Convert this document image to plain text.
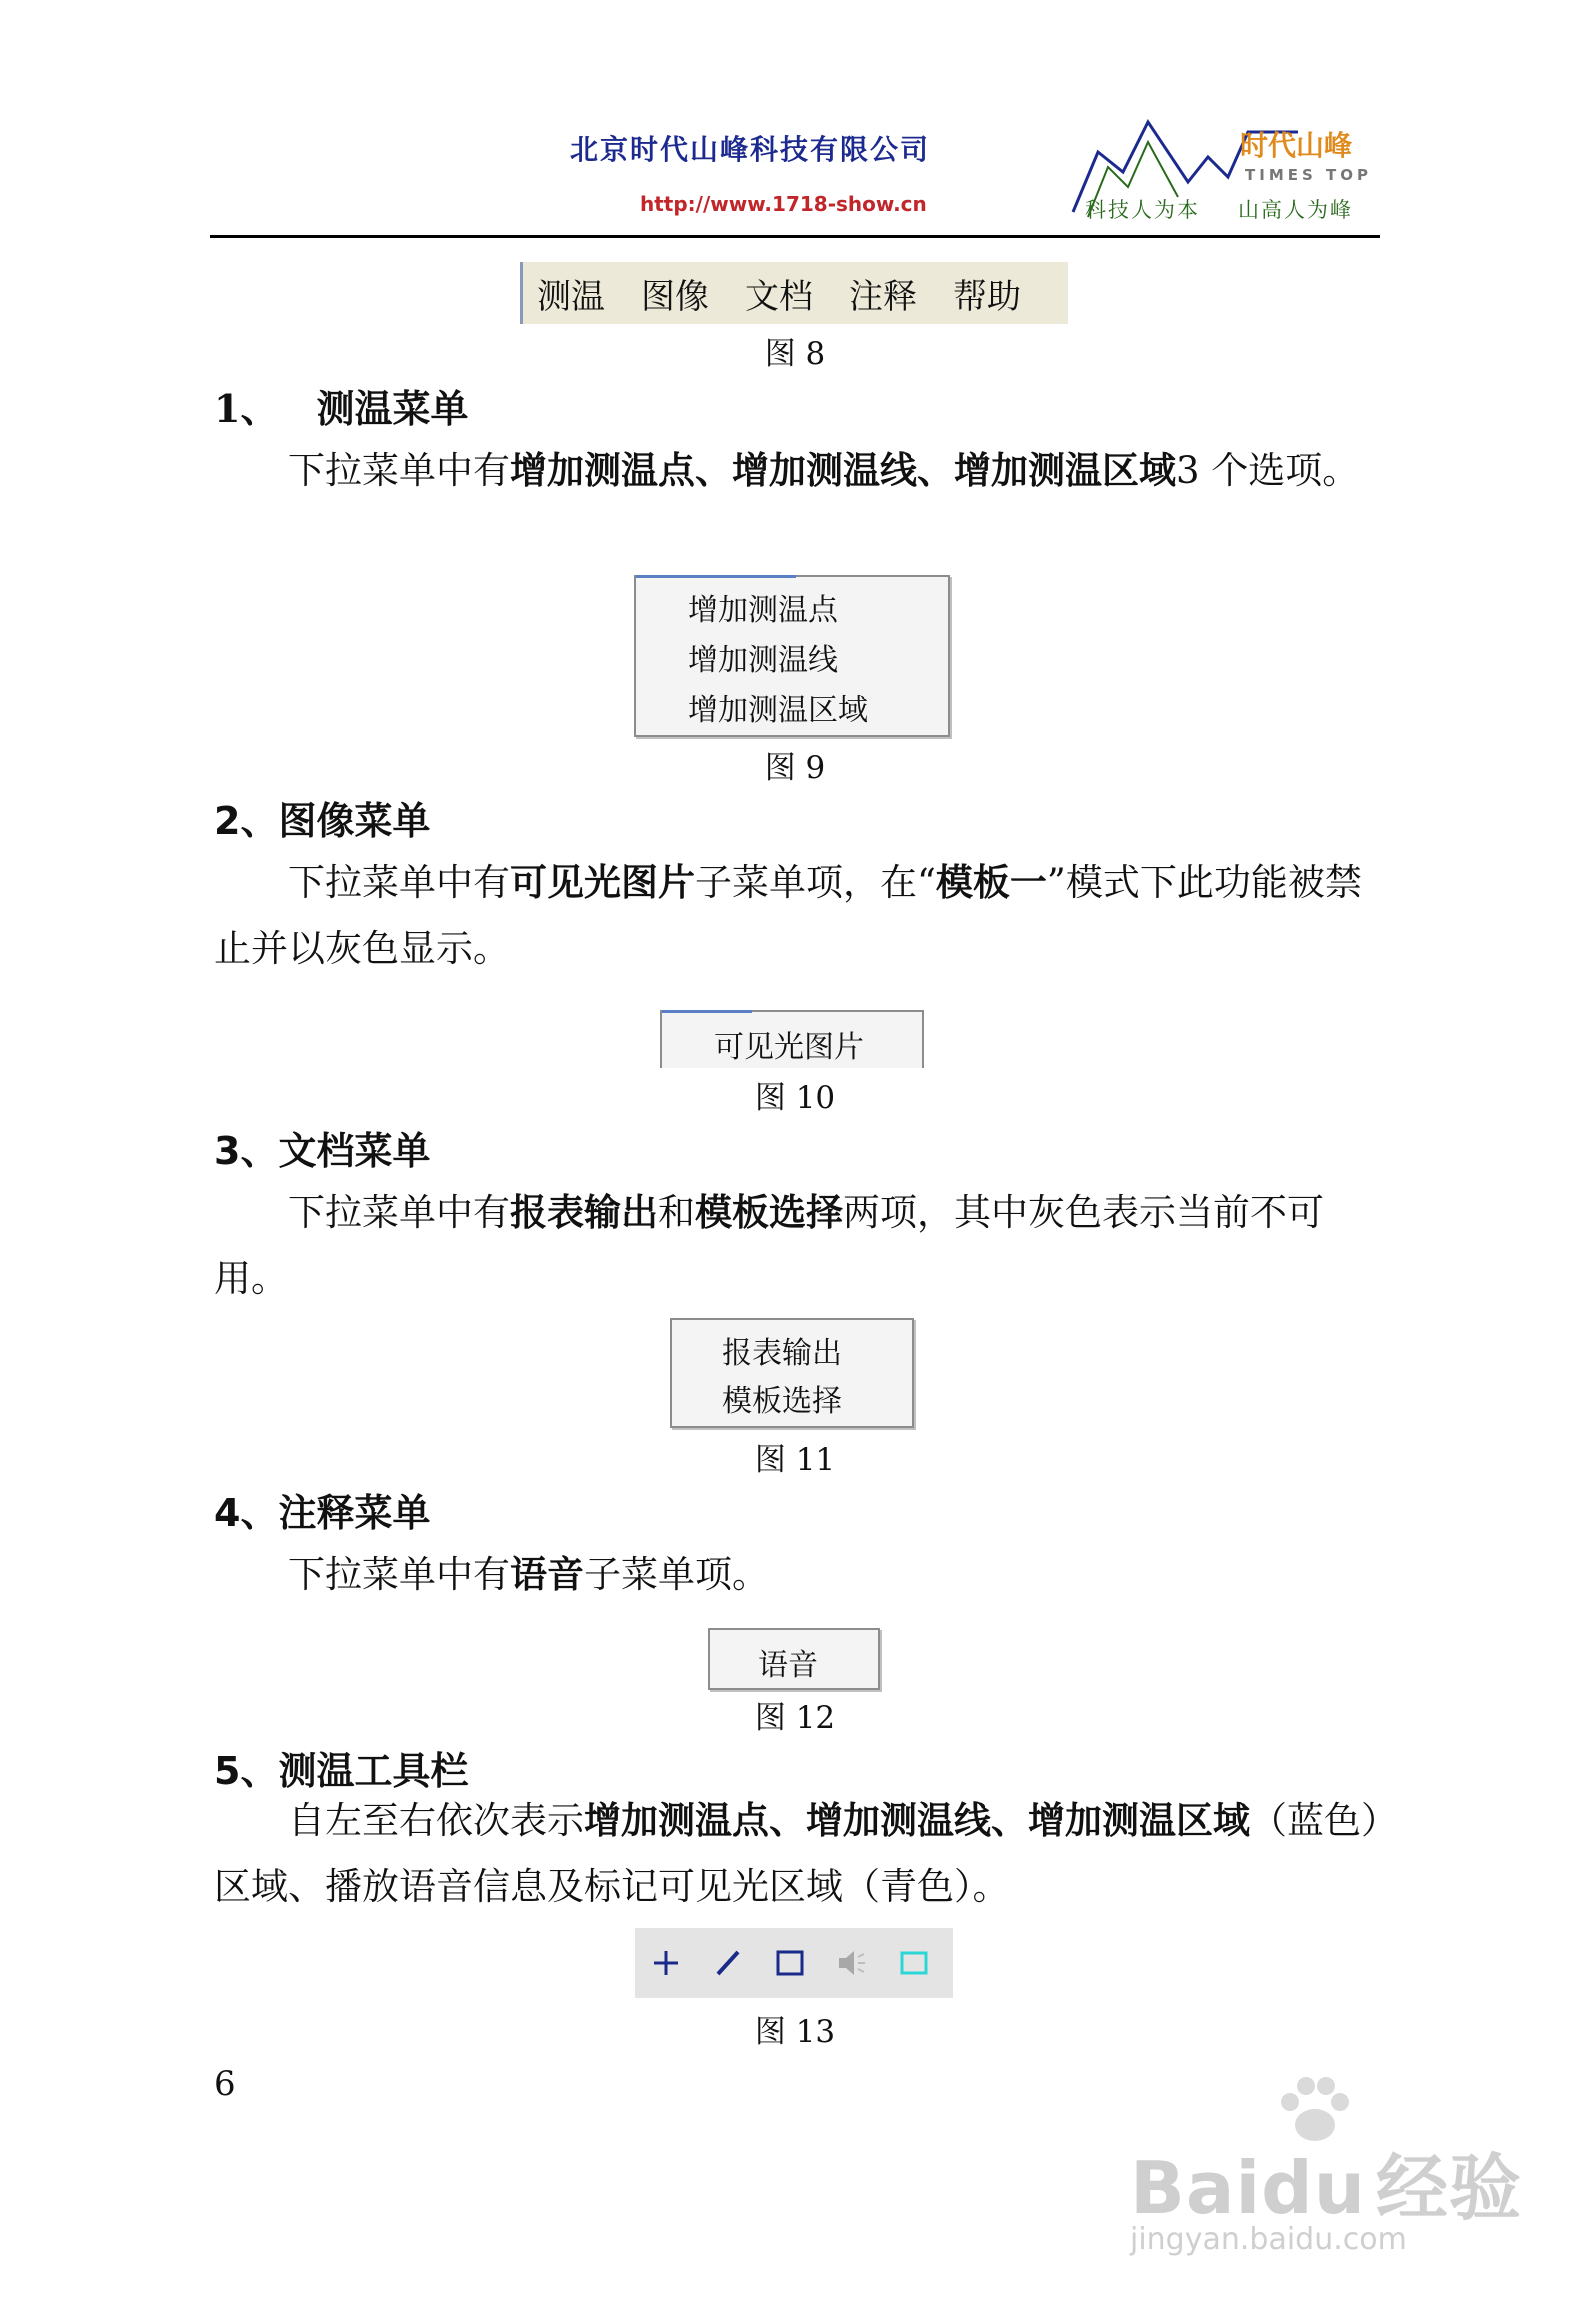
北京时代山峰科技有限公司
http://www.1718-show.cn
时代山峰
TIMES TOP
科技人为本 山高人为峰
测温 图像 文档 注释 帮助
图 8
1、 测温菜单
下拉菜单中有增加测温点、增加测温线、增加测温区域3 个选项。
增加测温点
增加测温线
增加测温区域
图 9
2、图像菜单
下拉菜单中有可见光图片子菜单项，在“模板一”模式下此功能被禁止并以灰色显示。
可见光图片
图 10
3、文档菜单
下拉菜单中有报表输出和模板选择两项，其中灰色表示当前不可用。
报表输出
模板选择
图 11
4、注释菜单
下拉菜单中有语音子菜单项。
语音
图 12
5、测温工具栏
自左至右依次表示增加测温点、增加测温线、增加测温区域（蓝色）区域、播放语音信息及标记可见光区域（青色）。
图 13
6
Baidu 经验
jingyan.baidu.com
